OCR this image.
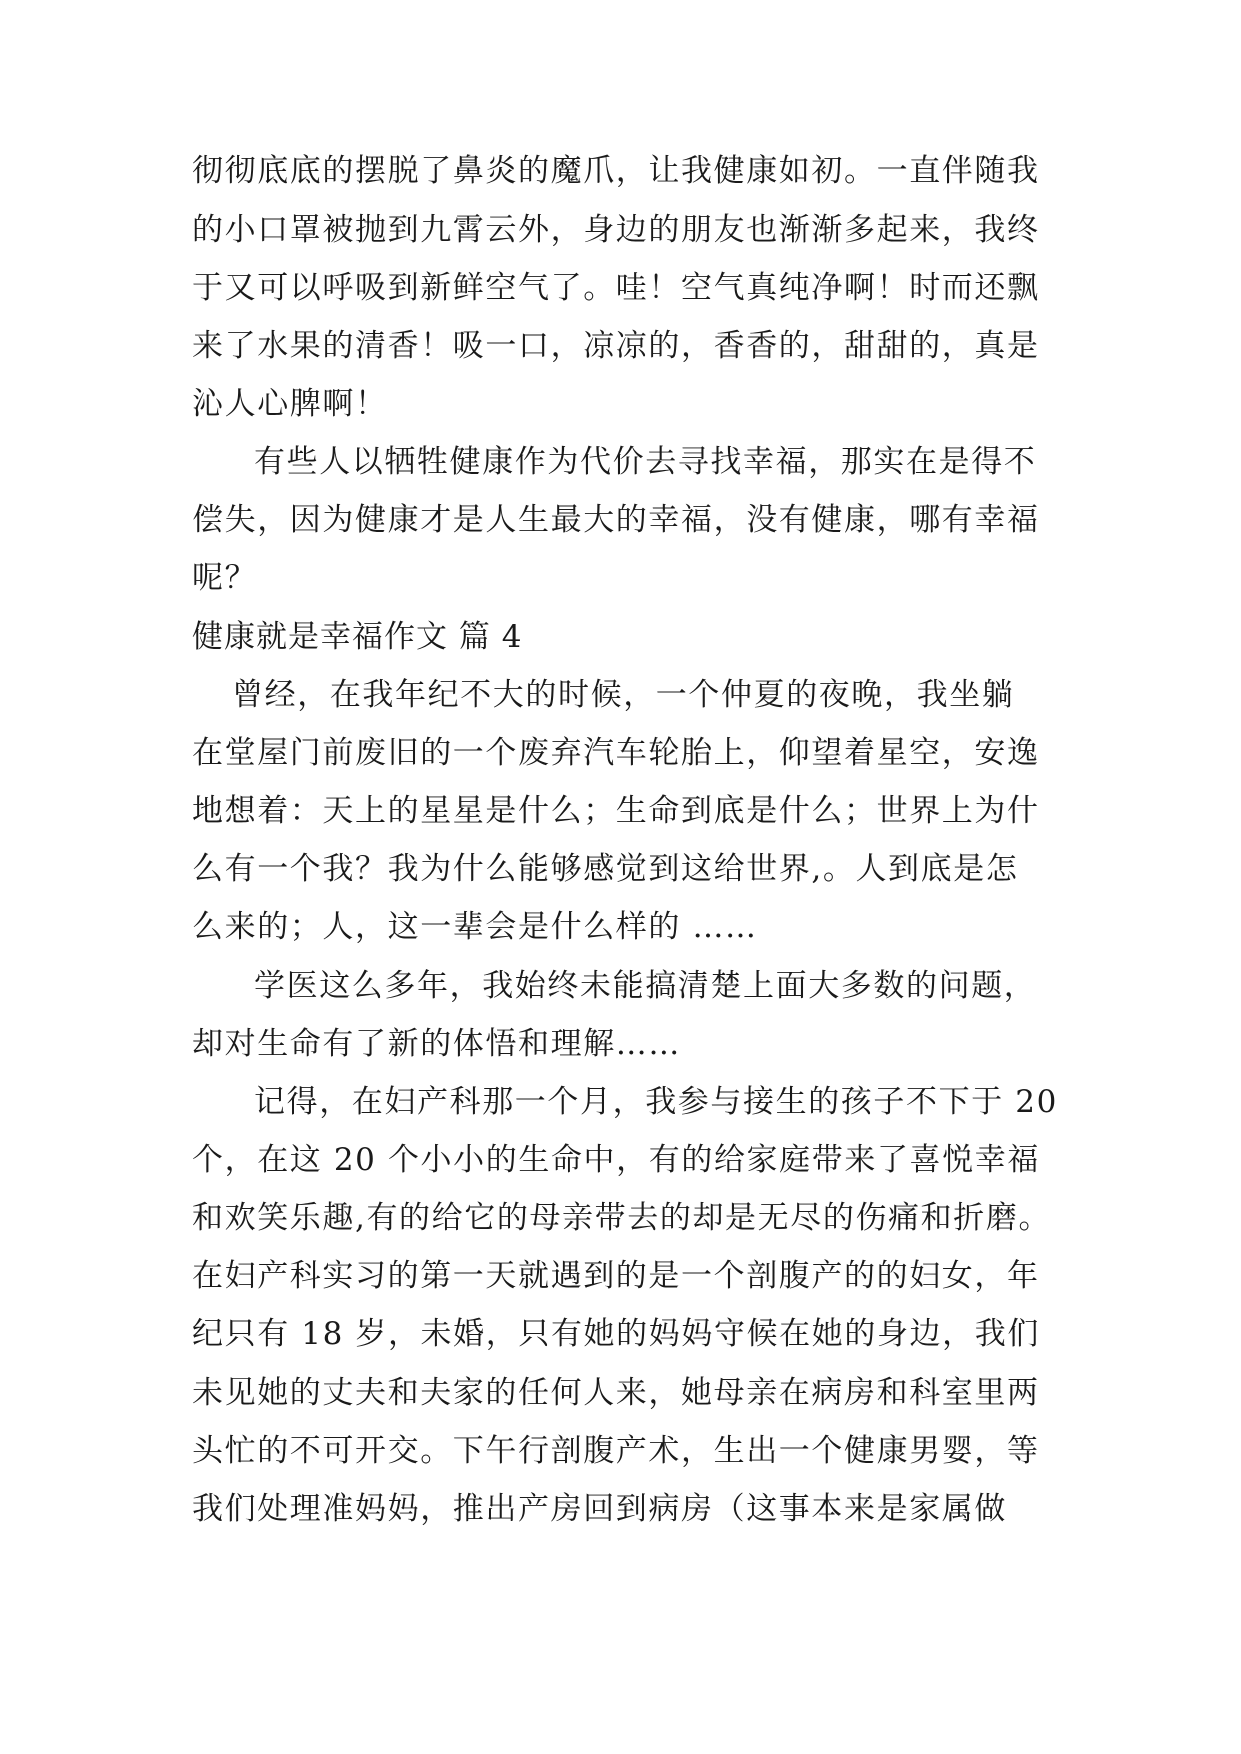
彻彻底底的摆脱了鼻炎的魔爪，让我健康如初。一直伴随我
的小口罩被抛到九霄云外，身边的朋友也渐渐多起来，我终
于又可以呼吸到新鲜空气了。哇！空气真纯净啊！时而还飘
来了水果的清香！吸一口，凉凉的，香香的，甜甜的，真是
沁人心脾啊！
有些人以牺牲健康作为代价去寻找幸福，那实在是得不
偿失，因为健康才是人生最大的幸福，没有健康，哪有幸福
呢？
健康就是幸福作文 篇 4
曾经，在我年纪不大的时候，一个仲夏的夜晚，我坐躺
在堂屋门前废旧的一个废弃汽车轮胎上，仰望着星空，安逸
地想着：天上的星星是什么；生命到底是什么；世界上为什
么有一个我？我为什么能够感觉到这给世界,。人到底是怎
么来的；人，这一辈会是什么样的 ……
学医这么多年，我始终未能搞清楚上面大多数的问题，
却对生命有了新的体悟和理解……
记得，在妇产科那一个月，我参与接生的孩子不下于 20
个，在这 20 个小小的生命中，有的给家庭带来了喜悦幸福
和欢笑乐趣,有的给它的母亲带去的却是无尽的伤痛和折磨。
在妇产科实习的第一天就遇到的是一个剖腹产的的妇女，年
纪只有 18 岁，未婚，只有她的妈妈守候在她的身边，我们
未见她的丈夫和夫家的任何人来，她母亲在病房和科室里两
头忙的不可开交。下午行剖腹产术，生出一个健康男婴，等
我们处理准妈妈，推出产房回到病房（这事本来是家属做
